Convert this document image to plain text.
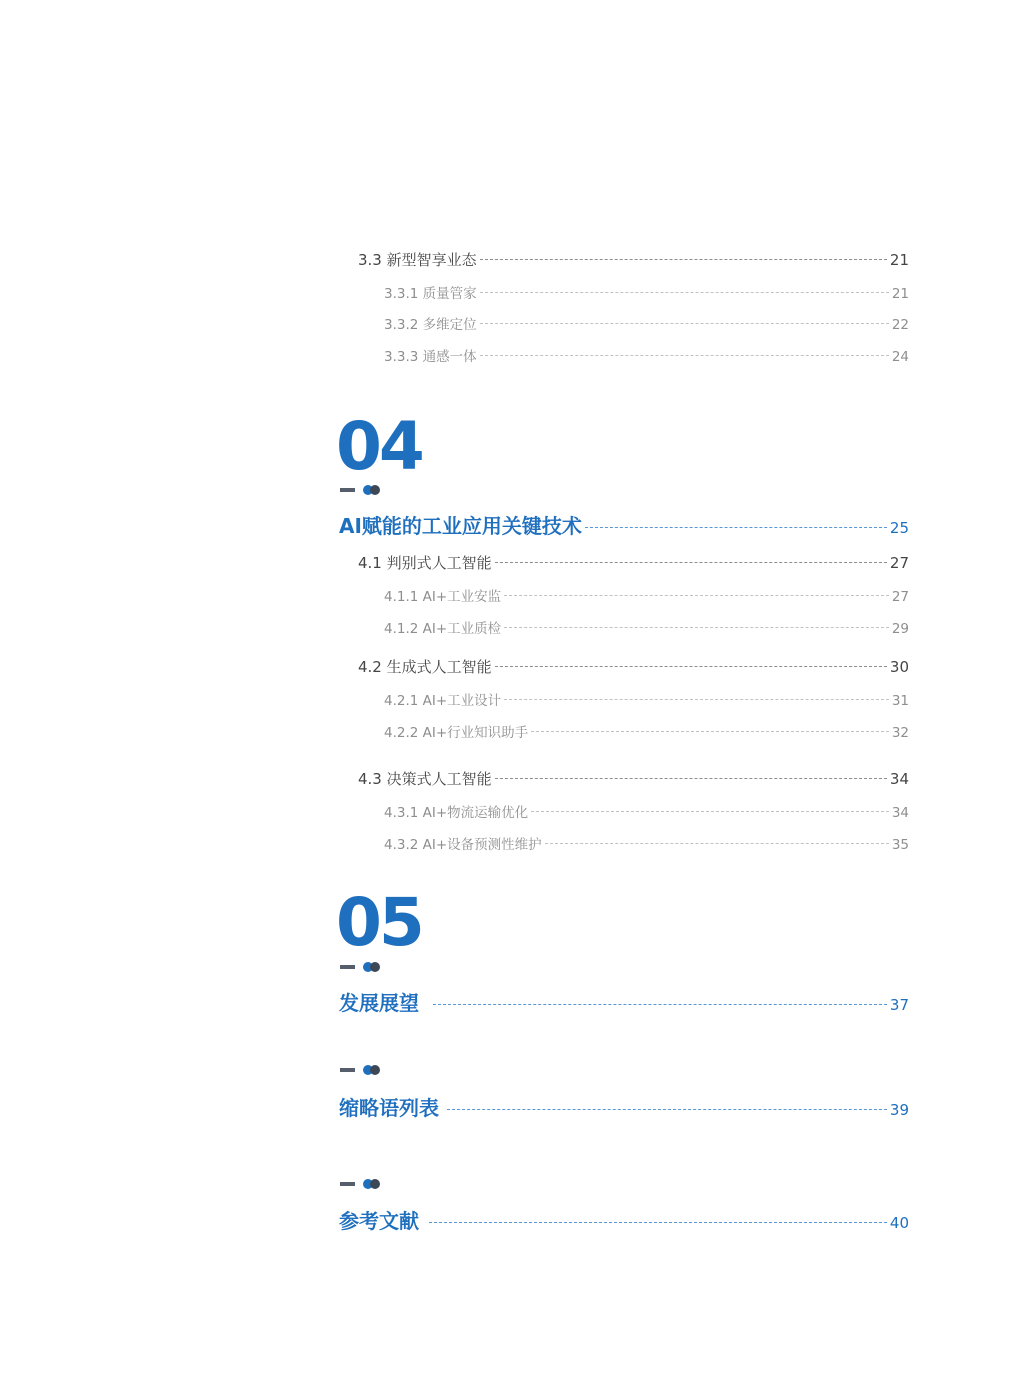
3.3 新型智享业态	21
3.3.1 质量管家	21
3.3.2 多维定位	22
3.3.3 通感一体	24
04
AI赋能的工业应用关键技术	25
4.1 判别式人工智能	27
4.1.1 AI+工业安监	27
4.1.2 AI+工业质检	29
4.2 生成式人工智能	30
4.2.1 AI+工业设计	31
4.2.2 AI+行业知识助手	32
4.3 决策式人工智能	34
4.3.1 AI+物流运输优化	34
4.3.2 AI+设备预测性维护	35
05
发展展望	37
缩略语列表	39
参考文献	40
